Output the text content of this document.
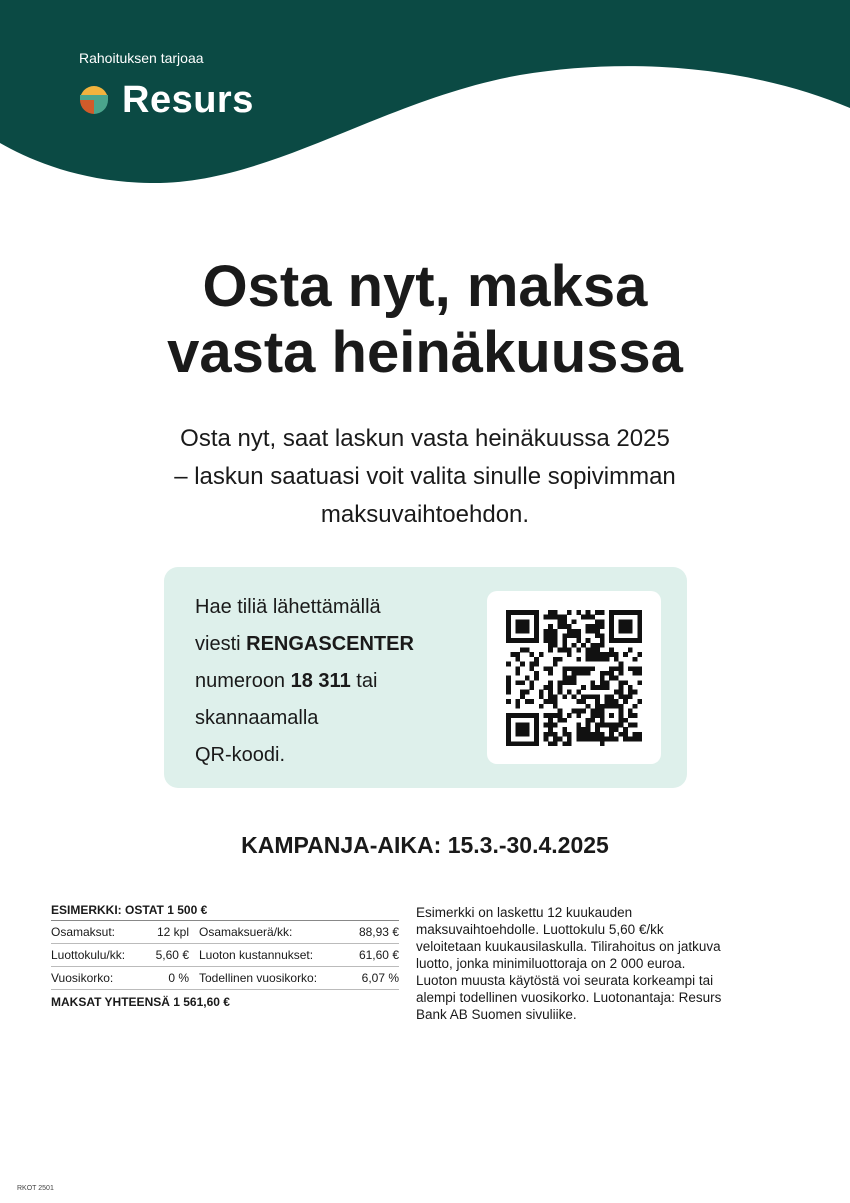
Rahoituksen tarjoaa
Resurs
Osta nyt, maksa
vasta heinäkuussa
Osta nyt, saat laskun vasta heinäkuussa 2025
– laskun saatuasi voit valita sinulle sopivimman
maksuvaihtoehdon.
Hae tiliä lähettämällä
viesti RENGASCENTER
numeroon 18 311 tai
skannaamalla
QR-koodi.
KAMPANJA-AIKA: 15.3.-30.4.2025
ESIMERKKI: OSTAT 1 500 €
Osamaksut:	12 kpl Osamaksuerä/kk:	88,93 €
Luottokulu/kk:	5,60 € Luoton kustannukset:	61,60 €
Vuosikorko:	0 % Todellinen vuosikorko:	6,07 %
MAKSAT YHTEENSÄ 1 561,60 €
Esimerkki on laskettu 12 kuukauden
maksuvaihtoehdolle. Luottokulu 5,60 €/kk
veloitetaan kuukausilaskulla. Tilirahoitus on jatkuva
luotto, jonka minimiluottoraja on 2 000 euroa.
Luoton muusta käytöstä voi seurata korkeampi tai
alempi todellinen vuosikorko. Luotonantaja: Resurs
Bank AB Suomen sivuliike.
RKOT 2501
